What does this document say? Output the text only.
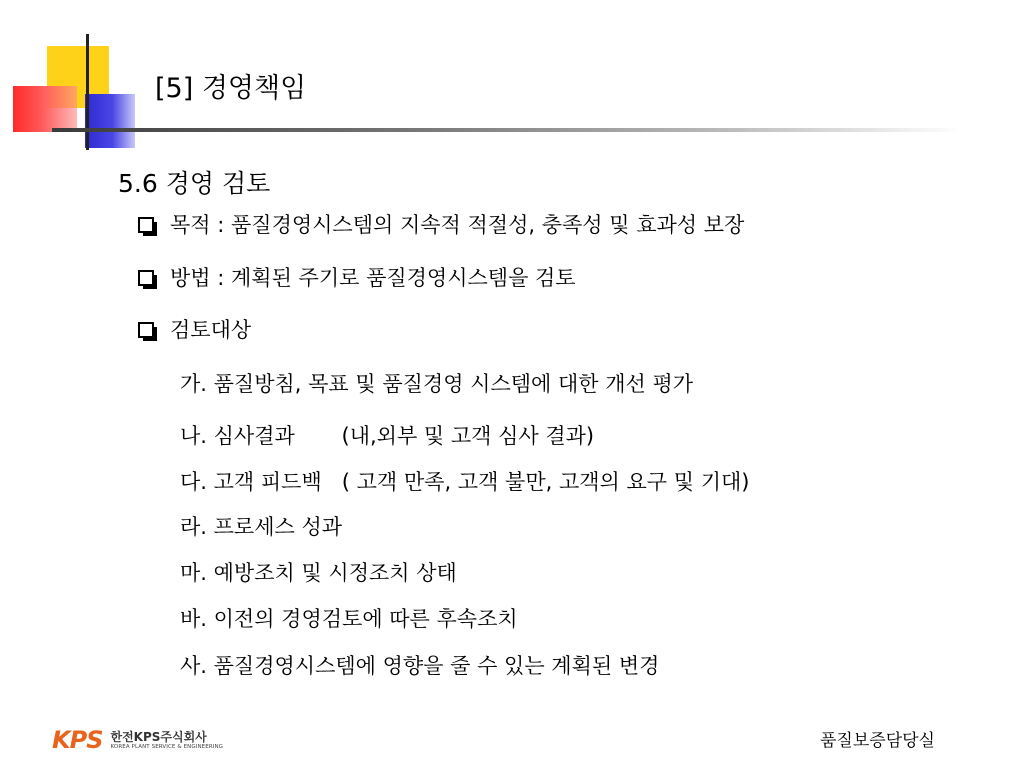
[5] 경영책임
5.6 경영 검토
목적 : 품질경영시스템의 지속적 적절성, 충족성 및 효과성 보장
방법 : 계획된 주기로 품질경영시스템을 검토
검토대상
가. 품질방침, 목표 및 품질경영 시스템에 대한 개선 평가
나. 심사결과       (내,외부 및 고객 심사 결과)
다. 고객 피드백   ( 고객 만족, 고객 불만, 고객의 요구 및 기대)
라. 프로세스 성과
마. 예방조치 및 시정조치 상태
바. 이전의 경영검토에 따른 후속조치
사. 품질경영시스템에 영향을 줄 수 있는 계획된 변경
KPS 한전KPS주식회사
KOREA PLANT SERVICE & ENGINEERING	품질보증담당실
